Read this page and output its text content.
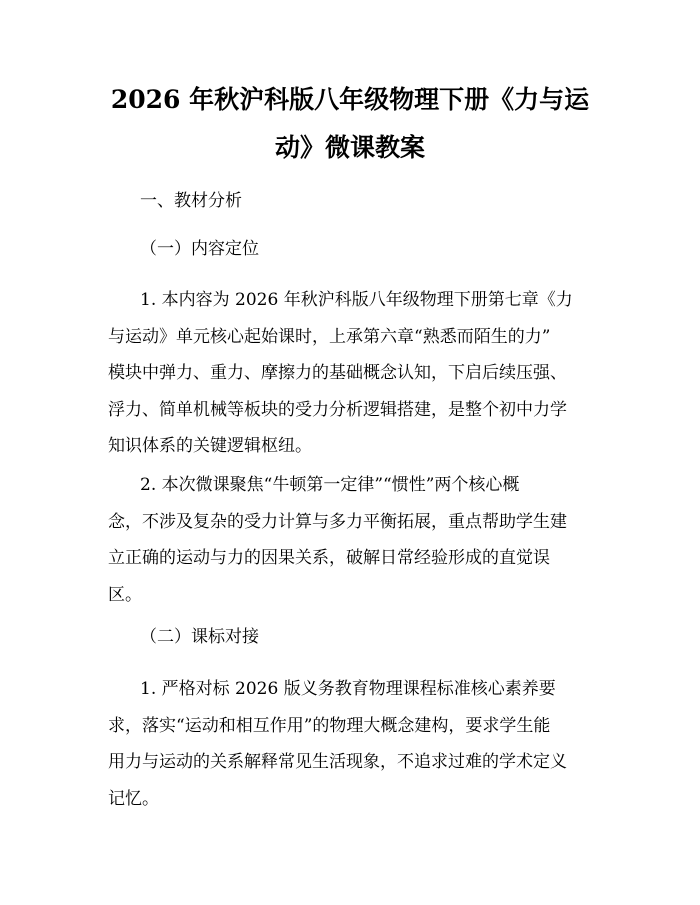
2026 年秋沪科版八年级物理下册《力与运
动》微课教案

一、教材分析

（一）内容定位

1. 本内容为 2026 年秋沪科版八年级物理下册第七章《力
与运动》单元核心起始课时，上承第六章“熟悉而陌生的力”
模块中弹力、重力、摩擦力的基础概念认知，下启后续压强、
浮力、简单机械等板块的受力分析逻辑搭建，是整个初中力学
知识体系的关键逻辑枢纽。
2. 本次微课聚焦“牛顿第一定律”“惯性”两个核心概
念，不涉及复杂的受力计算与多力平衡拓展，重点帮助学生建
立正确的运动与力的因果关系，破解日常经验形成的直觉误
区。

（二）课标对接

1. 严格对标 2026 版义务教育物理课程标准核心素养要
求，落实“运动和相互作用”的物理大概念建构，要求学生能
用力与运动的关系解释常见生活现象，不追求过难的学术定义
记忆。
